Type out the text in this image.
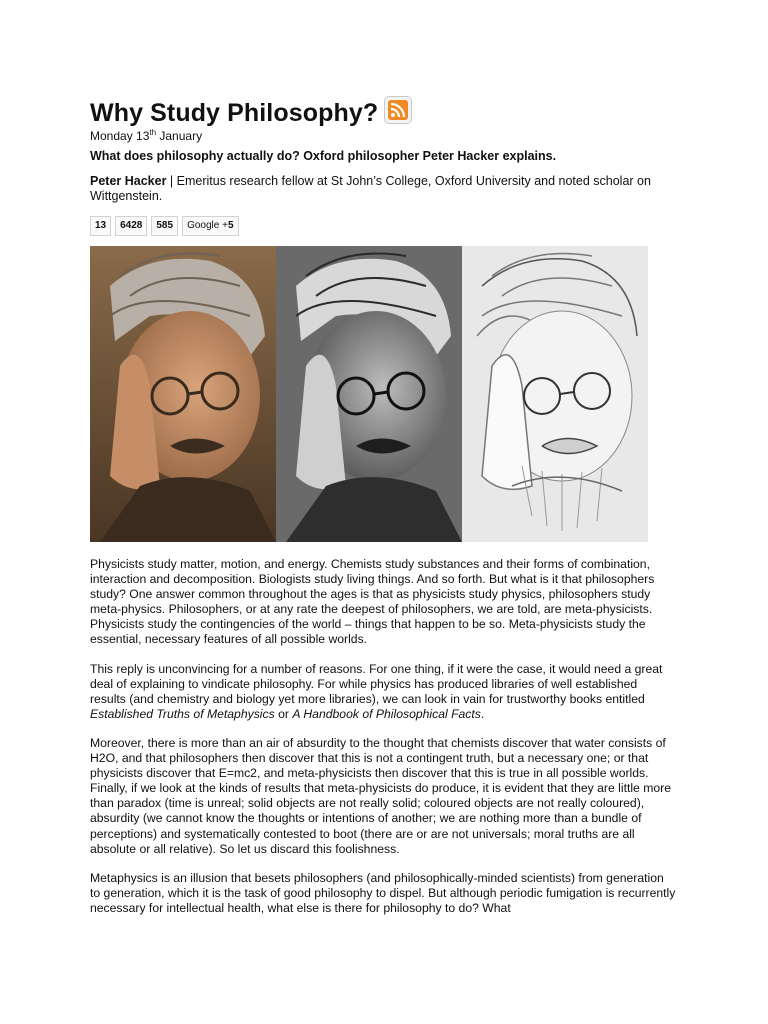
Why Study Philosophy?
Monday 13th January
What does philosophy actually do? Oxford philosopher Peter Hacker explains.
Peter Hacker | Emeritus research fellow at St John’s College, Oxford University and noted scholar on Wittgenstein.
13	6428	585	Google +5

Physicists study matter, motion, and energy. Chemists study substances and their forms of combination, interaction and decomposition. Biologists study living things. And so forth. But what is it that philosophers study? One answer common throughout the ages is that as physicists study physics, philosophers study meta-physics. Philosophers, or at any rate the deepest of philosophers, we are told, are meta-physicists. Physicists study the contingencies of the world – things that happen to be so. Meta-physicists study the essential, necessary features of all possible worlds.

This reply is unconvincing for a number of reasons. For one thing, if it were the case, it would need a great deal of explaining to vindicate philosophy. For while physics has produced libraries of well established results (and chemistry and biology yet more libraries), we can look in vain for trustworthy books entitled Established Truths of Metaphysics or A Handbook of Philosophical Facts.

Moreover, there is more than an air of absurdity to the thought that chemists discover that water consists of H2O, and that philosophers then discover that this is not a contingent truth, but a necessary one; or that physicists discover that E=mc2, and meta-physicists then discover that this is true in all possible worlds.

Finally, if we look at the kinds of results that meta-physicists do produce, it is evident that they are little more than paradox (time is unreal; solid objects are not really solid; coloured objects are not really coloured), absurdity (we cannot know the thoughts or intentions of another; we are nothing more than a bundle of perceptions) and systematically contested to boot (there are or are not universals; moral truths are all absolute or all relative). So let us discard this foolishness.

Metaphysics is an illusion that besets philosophers (and philosophically-minded scientists) from generation to generation, which it is the task of good philosophy to dispel. But although periodic fumigation is recurrently necessary for intellectual health, what else is there for philosophy to do? What
